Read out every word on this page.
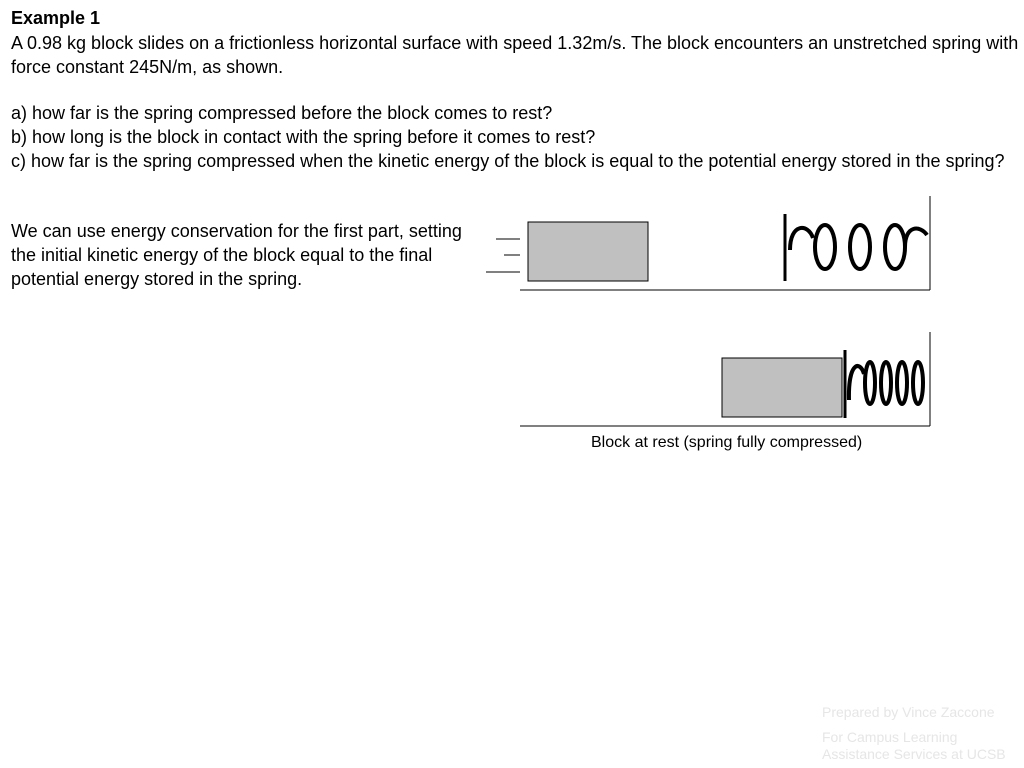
Example 1

A 0.98 kg block slides on a frictionless horizontal surface with speed 1.32m/s. The block encounters an unstretched spring with force constant 245N/m, as shown.

a) how far is the spring compressed before the block comes to rest?

b) how long is the block in contact with the spring before it comes to rest?

c) how far is the spring compressed when the kinetic energy of the block is equal to the potential energy stored in the spring?

We can use energy conservation for the first part, setting the initial kinetic energy of the block equal to the final potential energy stored in the spring.

Block at rest (spring fully compressed)
Prepared by Vince Zaccone
For Campus Learning Assistance Services at UCSB
